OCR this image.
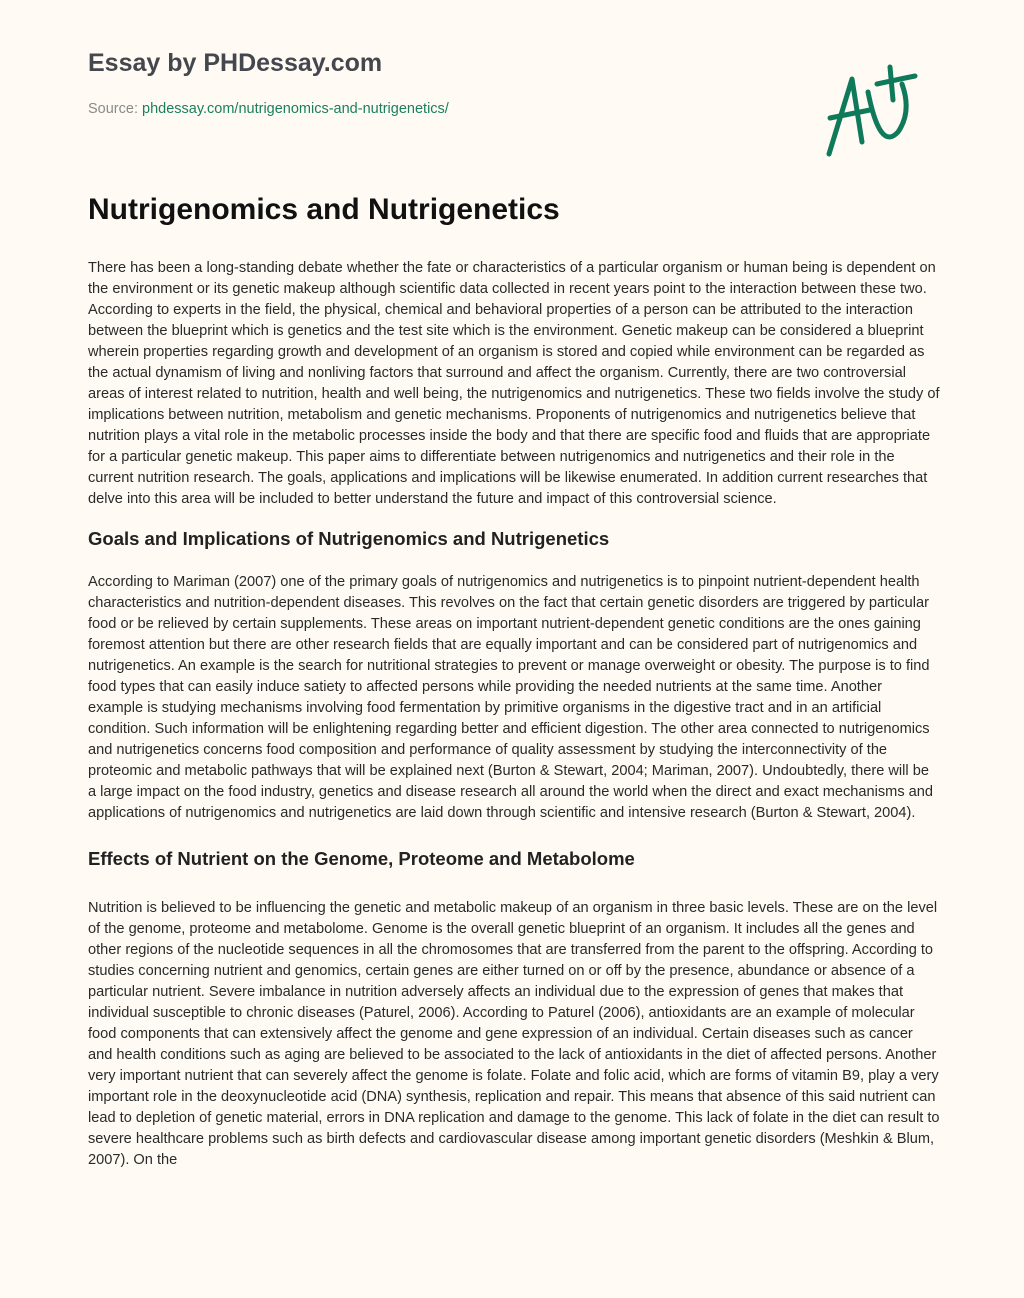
Essay by PHDessay.com
Source: phdessay.com/nutrigenomics-and-nutrigenetics/
Nutrigenomics and Nutrigenetics

There has been a long-standing debate whether the fate or characteristics of a particular organism or human being is dependent on the environment or its genetic makeup although scientific data collected in recent years point to the interaction between these two. According to experts in the field, the physical, chemical and behavioral properties of a person can be attributed to the interaction between the blueprint which is genetics and the test site which is the environment. Genetic makeup can be considered a blueprint wherein properties regarding growth and development of an organism is stored and copied while environment can be regarded as the actual dynamism of living and nonliving factors that surround and affect the organism. Currently, there are two controversial areas of interest related to nutrition, health and well being, the nutrigenomics and nutrigenetics. These two fields involve the study of implications between nutrition, metabolism and genetic mechanisms. Proponents of nutrigenomics and nutrigenetics believe that nutrition plays a vital role in the metabolic processes inside the body and that there are specific food and fluids that are appropriate for a particular genetic makeup. This paper aims to differentiate between nutrigenomics and nutrigenetics and their role in the current nutrition research. The goals, applications and implications will be likewise enumerated. In addition current researches that delve into this area will be included to better understand the future and impact of this controversial science.

Goals and Implications of Nutrigenomics and Nutrigenetics

According to Mariman (2007) one of the primary goals of nutrigenomics and nutrigenetics is to pinpoint nutrient-dependent health characteristics and nutrition-dependent diseases. This revolves on the fact that certain genetic disorders are triggered by particular food or be relieved by certain supplements. These areas on important nutrient-dependent genetic conditions are the ones gaining foremost attention but there are other research fields that are equally important and can be considered part of nutrigenomics and nutrigenetics. An example is the search for nutritional strategies to prevent or manage overweight or obesity. The purpose is to find food types that can easily induce satiety to affected persons while providing the needed nutrients at the same time. Another example is studying mechanisms involving food fermentation by primitive organisms in the digestive tract and in an artificial condition. Such information will be enlightening regarding better and efficient digestion. The other area connected to nutrigenomics and nutrigenetics concerns food composition and performance of quality assessment by studying the interconnectivity of the proteomic and metabolic pathways that will be explained next (Burton & Stewart, 2004; Mariman, 2007). Undoubtedly, there will be a large impact on the food industry, genetics and disease research all around the world when the direct and exact mechanisms and applications of nutrigenomics and nutrigenetics are laid down through scientific and intensive research (Burton & Stewart, 2004).

Effects of Nutrient on the Genome, Proteome and Metabolome

Nutrition is believed to be influencing the genetic and metabolic makeup of an organism in three basic levels. These are on the level of the genome, proteome and metabolome. Genome is the overall genetic blueprint of an organism. It includes all the genes and other regions of the nucleotide sequences in all the chromosomes that are transferred from the parent to the offspring. According to studies concerning nutrient and genomics, certain genes are either turned on or off by the presence, abundance or absence of a particular nutrient. Severe imbalance in nutrition adversely affects an individual due to the expression of genes that makes that individual susceptible to chronic diseases (Paturel, 2006). According to Paturel (2006), antioxidants are an example of molecular food components that can extensively affect the genome and gene expression of an individual. Certain diseases such as cancer and health conditions such as aging are believed to be associated to the lack of antioxidants in the diet of affected persons. Another very important nutrient that can severely affect the genome is folate. Folate and folic acid, which are forms of vitamin B9, play a very important role in the deoxynucleotide acid (DNA) synthesis, replication and repair. This means that absence of this said nutrient can lead to depletion of genetic material, errors in DNA replication and damage to the genome. This lack of folate in the diet can result to severe healthcare problems such as birth defects and cardiovascular disease among important genetic disorders (Meshkin & Blum, 2007). On the
